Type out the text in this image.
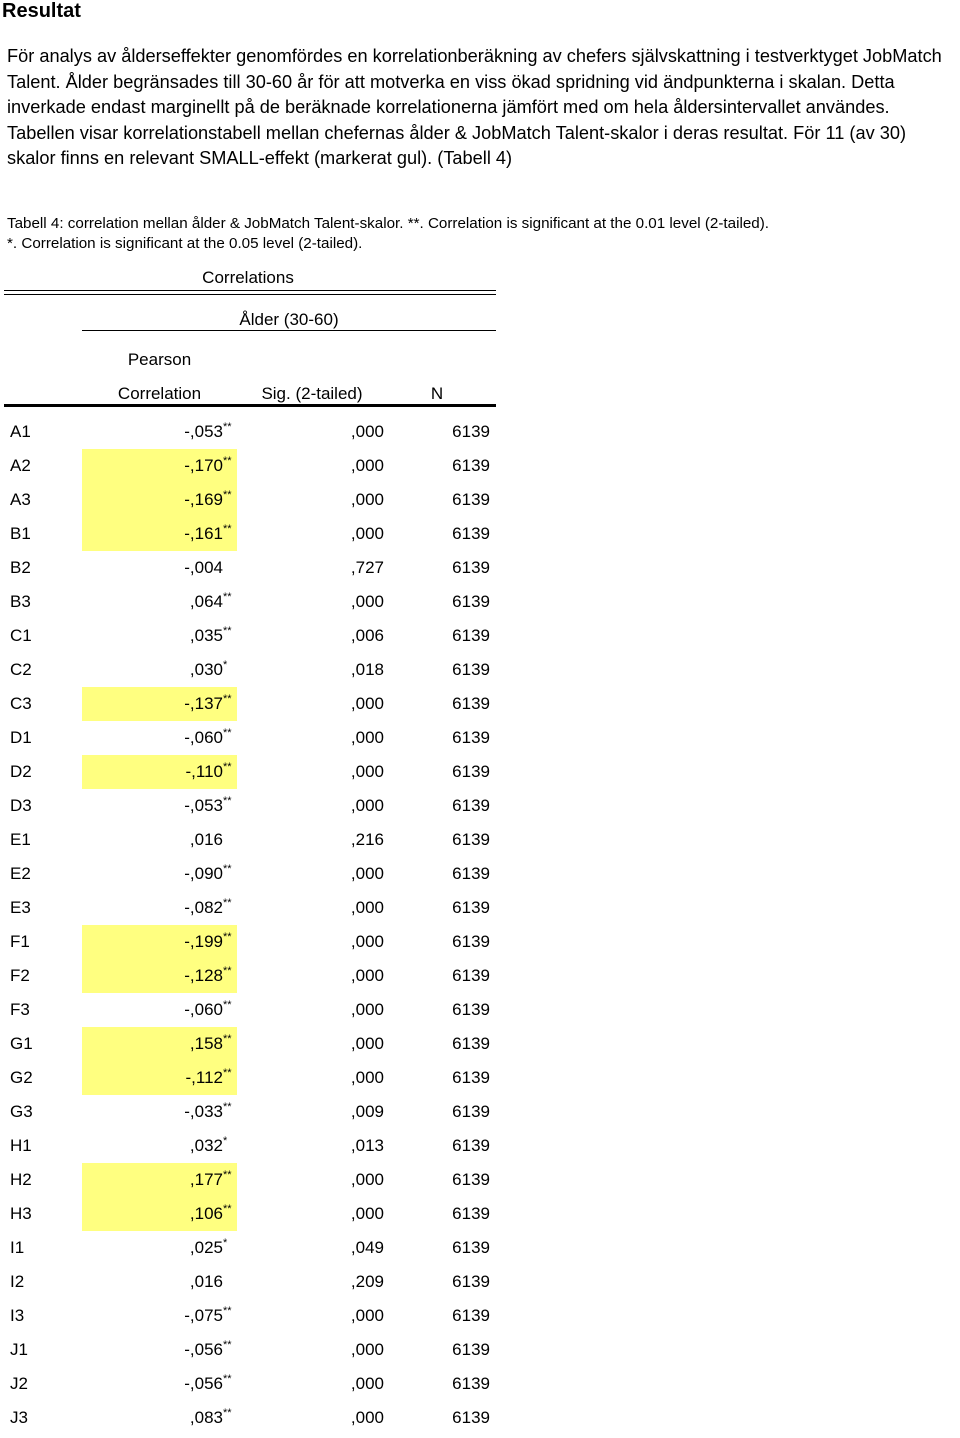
Resultat
För analys av ålderseffekter genomfördes en korrelationberäkning av chefers självskattning i testverktyget JobMatch Talent. Ålder begränsades till 30-60 år för att motverka en viss ökad spridning vid ändpunkterna i skalan. Detta inverkade endast marginellt på de beräknade korrelationerna jämfört med om hela åldersintervallet användes. Tabellen visar korrelationstabell mellan chefernas ålder & JobMatch Talent-skalor i deras resultat. För 11 (av 30) skalor finns en relevant SMALL-effekt (markerat gul). (Tabell 4)
Tabell 4: correlation mellan ålder & JobMatch Talent-skalor. **. Correlation is significant at the 0.01 level (2-tailed).
*. Correlation is significant at the 0.05 level (2-tailed).
Correlations
Ålder (30-60)
Pearson
Correlation	Sig. (2-tailed)	N
A1	-,053**	,000	6139
A2	-,170**	,000	6139
A3	-,169**	,000	6139
B1	-,161**	,000	6139
B2	-,004	,727	6139
B3	,064**	,000	6139
C1	,035**	,006	6139
C2	,030*	,018	6139
C3	-,137**	,000	6139
D1	-,060**	,000	6139
D2	-,110**	,000	6139
D3	-,053**	,000	6139
E1	,016	,216	6139
E2	-,090**	,000	6139
E3	-,082**	,000	6139
F1	-,199**	,000	6139
F2	-,128**	,000	6139
F3	-,060**	,000	6139
G1	,158**	,000	6139
G2	-,112**	,000	6139
G3	-,033**	,009	6139
H1	,032*	,013	6139
H2	,177**	,000	6139
H3	,106**	,000	6139
I1	,025*	,049	6139
I2	,016	,209	6139
I3	-,075**	,000	6139
J1	-,056**	,000	6139
J2	-,056**	,000	6139
J3	,083**	,000	6139
